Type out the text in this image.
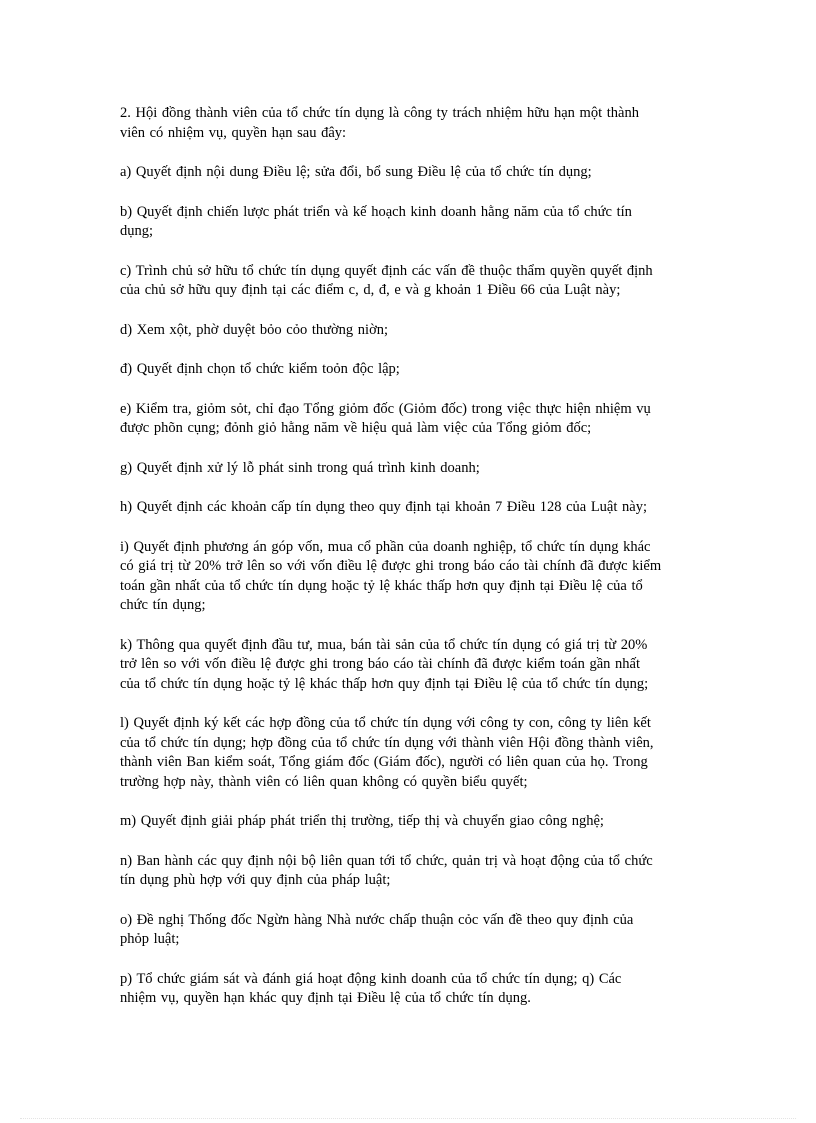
2. Hội đồng thành viên của tổ chức tín dụng là công ty trách nhiệm hữu hạn một thành
viên có nhiệm vụ, quyền hạn sau đây:

a) Quyết định nội dung Điều lệ; sửa đổi, bổ sung Điều lệ của tổ chức tín dụng;

b) Quyết định chiến lược phát triển và kế hoạch kinh doanh hằng năm của tổ chức tín
dụng;

c) Trình chủ sở hữu tổ chức tín dụng quyết định các vấn đề thuộc thẩm quyền quyết định
của chủ sở hữu quy định tại các điểm c, d, đ, e và g khoản 1 Điều 66 của Luật này;

d) Xem xột, phờ duyệt bỏo cỏo thường niờn;

đ) Quyết định chọn tổ chức kiểm toỏn độc lập;

e) Kiểm tra, giỏm sỏt, chỉ đạo Tổng giỏm đốc (Giỏm đốc) trong việc thực hiện nhiệm vụ
được phõn cụng; đỏnh giỏ hằng năm về hiệu quả làm việc của Tổng giỏm đốc;

g) Quyết định xử lý lỗ phát sinh trong quá trình kinh doanh;

h) Quyết định các khoản cấp tín dụng theo quy định tại khoản 7 Điều 128 của Luật này;

i) Quyết định phương án góp vốn, mua cổ phần của doanh nghiệp, tổ chức tín dụng khác
có giá trị từ 20% trở lên so với vốn điều lệ được ghi trong báo cáo tài chính đã được kiểm
toán gần nhất của tổ chức tín dụng hoặc tỷ lệ khác thấp hơn quy định tại Điều lệ của tổ
chức tín dụng;

k) Thông qua quyết định đầu tư, mua, bán tài sản của tổ chức tín dụng có giá trị từ 20%
trở lên so với vốn điều lệ được ghi trong báo cáo tài chính đã được kiểm toán gần nhất
của tổ chức tín dụng hoặc tỷ lệ khác thấp hơn quy định tại Điều lệ của tổ chức tín dụng;

l) Quyết định ký kết các hợp đồng của tổ chức tín dụng với công ty con, công ty liên kết
của tổ chức tín dụng; hợp đồng của tổ chức tín dụng với thành viên Hội đồng thành viên,
thành viên Ban kiểm soát, Tổng giám đốc (Giám đốc), người có liên quan của họ. Trong
trường hợp này, thành viên có liên quan không có quyền biểu quyết;

m) Quyết định giải pháp phát triển thị trường, tiếp thị và chuyển giao công nghệ;

n) Ban hành các quy định nội bộ liên quan tới tổ chức, quản trị và hoạt động của tổ chức
tín dụng phù hợp với quy định của pháp luật;

o) Đề nghị Thống đốc Ngừn hàng Nhà nước chấp thuận cỏc vấn đề theo quy định của
phỏp luật;

p) Tổ chức giám sát và đánh giá hoạt động kinh doanh của tổ chức tín dụng; q) Các
nhiệm vụ, quyền hạn khác quy định tại Điều lệ của tổ chức tín dụng.
